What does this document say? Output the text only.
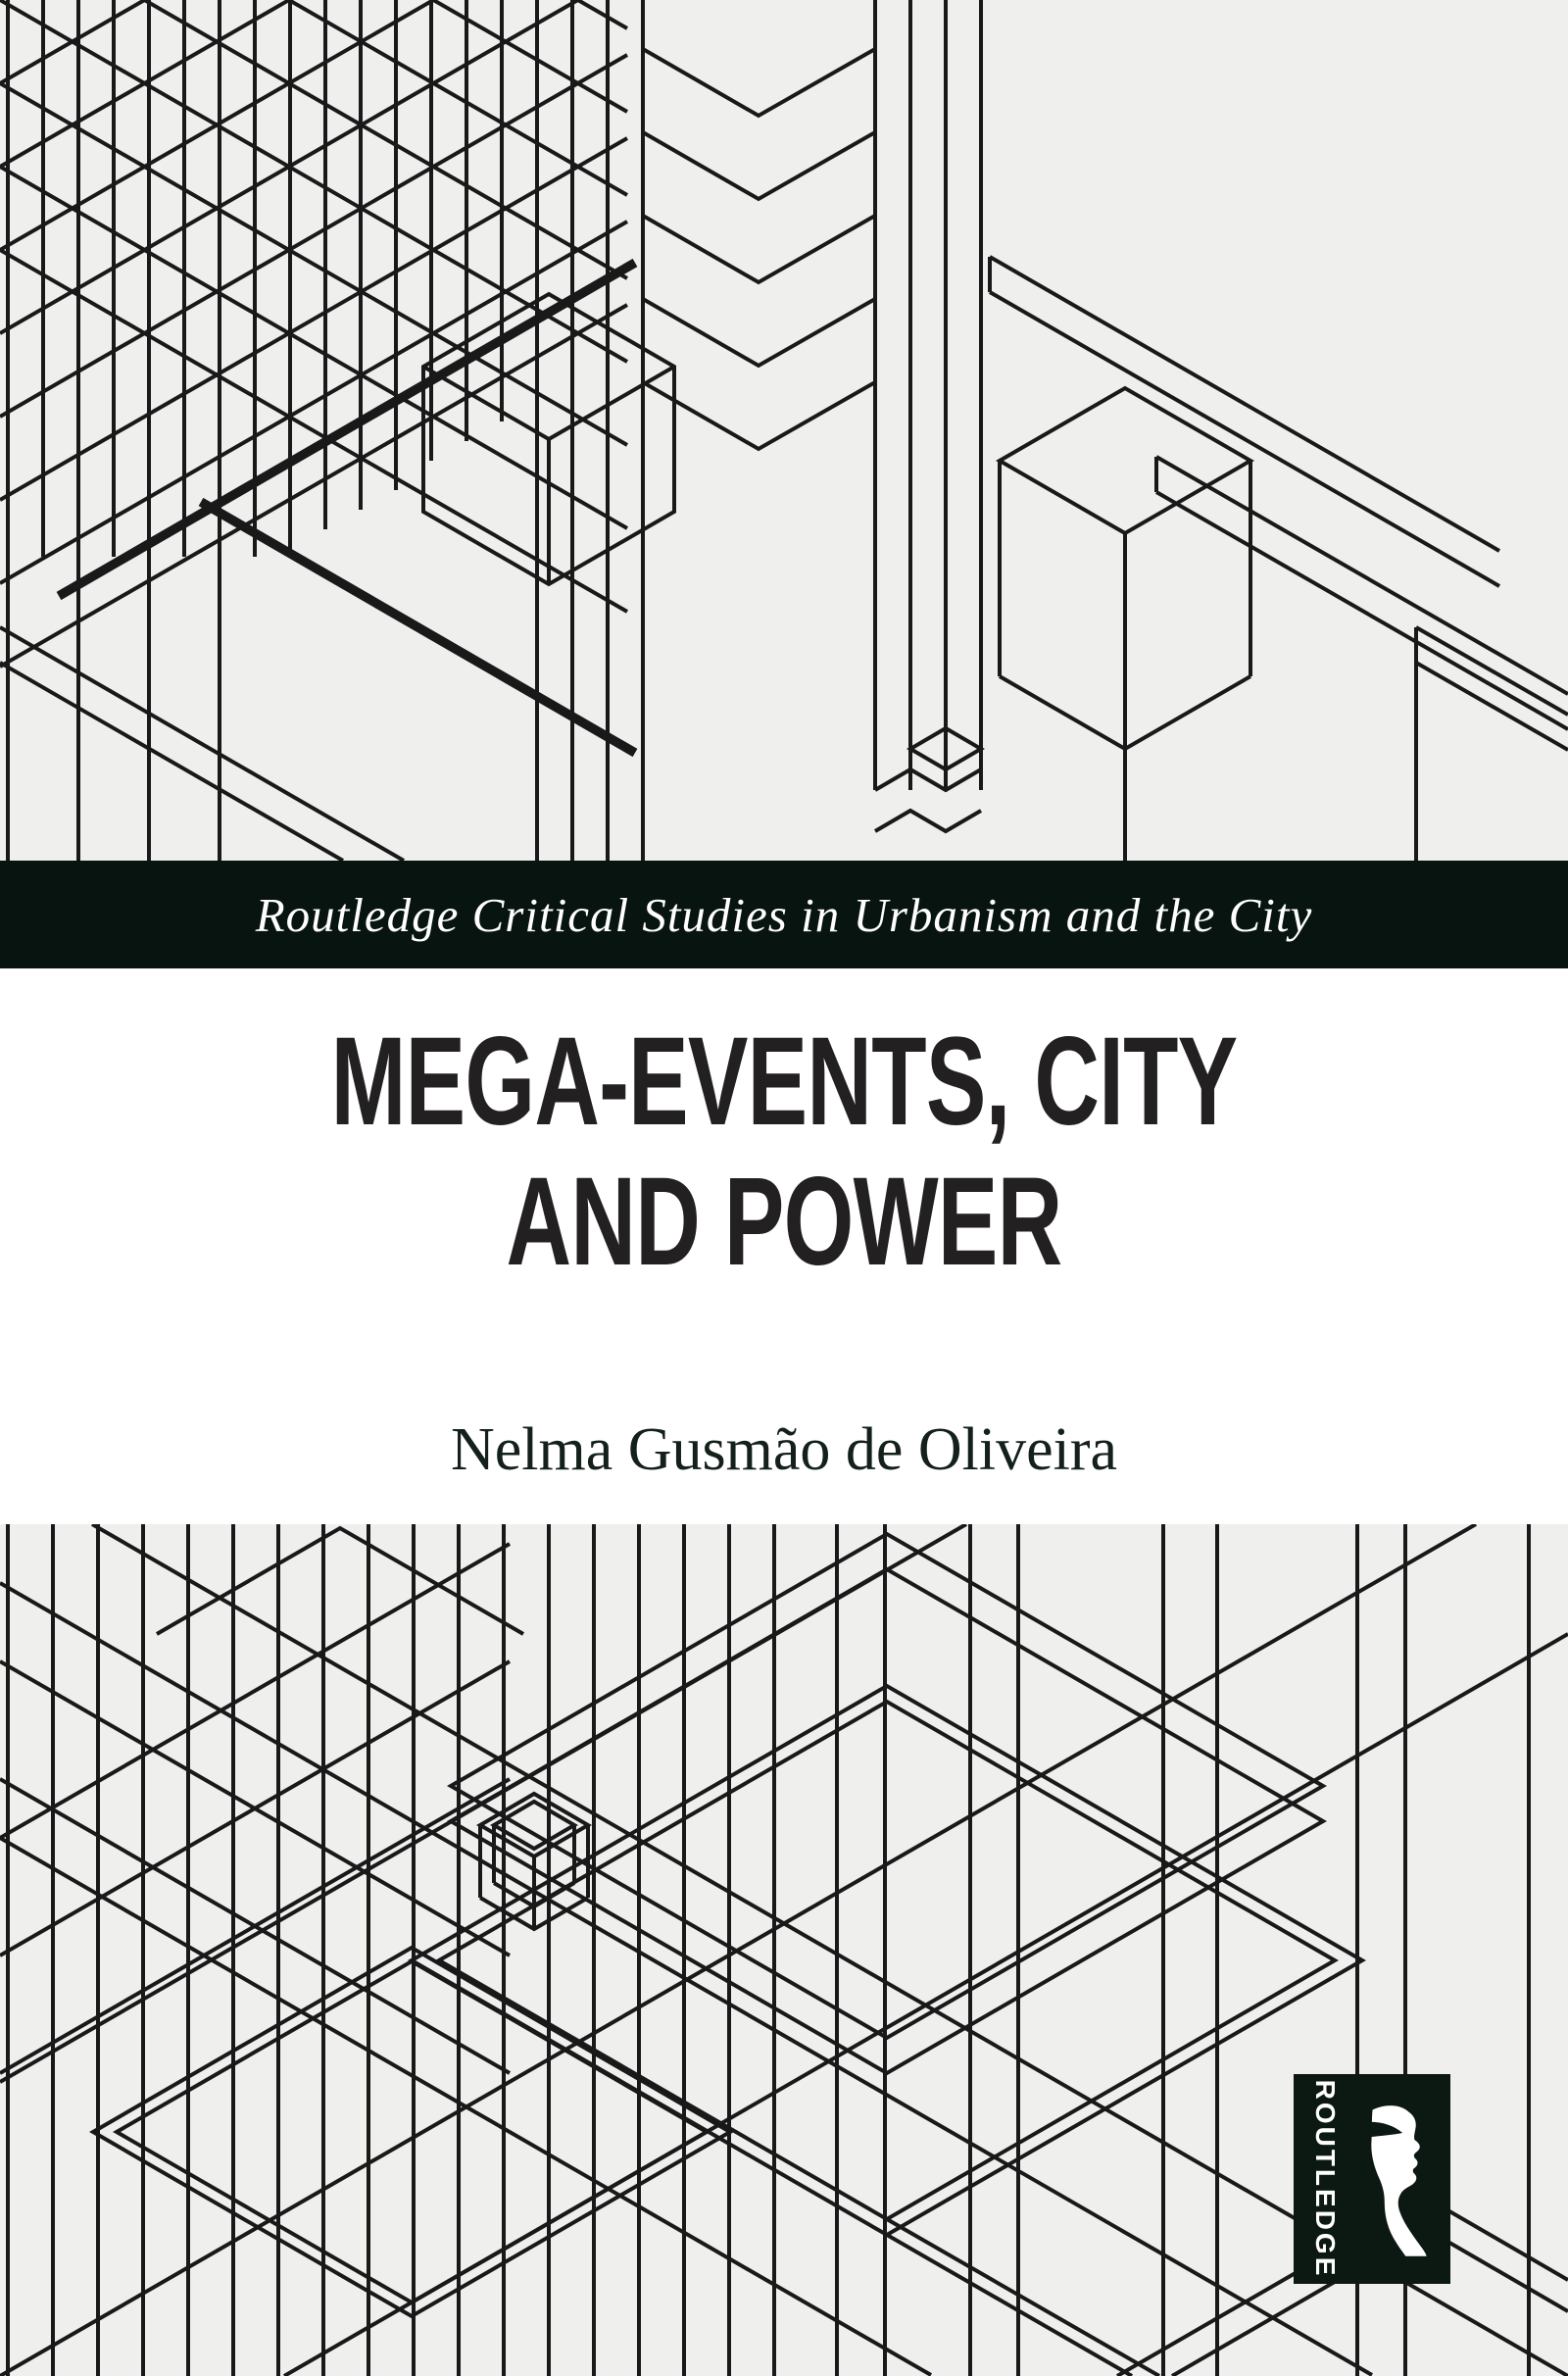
Routledge Critical Studies in Urbanism and the City
MEGA-EVENTS, CITY
AND POWER
Nelma Gusmão de Oliveira
ROUTLEDGE
